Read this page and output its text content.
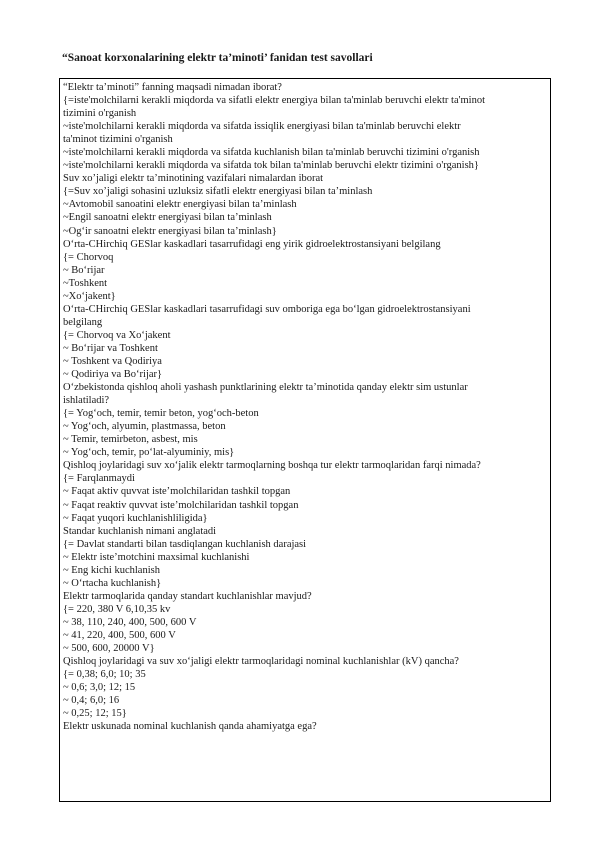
“Sanoat korxonalarining elektr ta’minoti’ fanidan test savollari
“Elektr ta’minoti” fanning maqsadi nimadan iborat?
{=iste'molchilarni kerakli miqdorda va sifatli elektr energiya bilan ta'minlab beruvchi elektr ta'minot
tizimini o'rganish
~iste'molchilarni kerakli miqdorda va sifatda issiqlik energiyasi bilan ta'minlab beruvchi elektr
ta'minot tizimini o'rganish
~iste'molchilarni kerakli miqdorda va sifatda kuchlanish bilan ta'minlab beruvchi tizimini o'rganish
~iste'molchilarni kerakli miqdorda va sifatda tok bilan ta'minlab beruvchi elektr tizimini o'rganish}
Suv xo’jaligi elektr ta’minotining vazifalari nimalardan iborat
{=Suv xo’jaligi sohasini uzluksiz sifatli elektr energiyasi bilan ta’minlash
~Avtomobil sanoatini elektr energiyasi bilan ta’minlash
~Engil sanoatni elektr energiyasi bilan ta’minlash
~Og‘ir sanoatni elektr energiyasi bilan ta’minlash}
O‘rta-CHirchiq GESlar kaskadlari tasarrufidagi eng yirik gidroelektrostansiyani belgilang
{= Chorvoq
~ Bo‘rijar
~Toshkent
~Xo‘jakent}
O‘rta-CHirchiq GESlar kaskadlari tasarrufidagi suv omboriga ega bo‘lgan gidroelektrostansiyani
belgilang
{= Chorvoq va Xo‘jakent
~ Bo‘rijar va Toshkent
~ Toshkent va Qodiriya
~ Qodiriya va Bo‘rijar}
O‘zbekistonda qishloq aholi yashash punktlarining elektr ta’minotida qanday elektr sim ustunlar
ishlatiladi?
{= Yog‘och, temir, temir beton, yog‘och-beton
~ Yog‘och, alyumin, plastmassa, beton
~ Temir, temirbeton, asbest, mis
~ Yog‘och, temir, po‘lat-alyuminiy, mis}
Qishloq joylaridagi suv xo‘jalik elektr tarmoqlarning boshqa tur elektr tarmoqlaridan farqi nimada?
{= Farqlanmaydi
~ Faqat aktiv quvvat iste’molchilaridan tashkil topgan
~ Faqat reaktiv quvvat iste’molchilaridan tashkil topgan
~ Faqat yuqori kuchlanishliligida}
Standar kuchlanish nimani anglatadi
{= Davlat standarti bilan tasdiqlangan kuchlanish darajasi
~ Elektr iste’motchini maxsimal kuchlanishi
~ Eng kichi kuchlanish
~ O‘rtacha kuchlanish}
Elektr tarmoqlarida qanday standart kuchlanishlar mavjud?
{= 220, 380 V 6,10,35 kv
~ 38, 110, 240, 400, 500, 600 V
~ 41, 220, 400, 500, 600 V
~ 500, 600, 20000 V}
Qishloq joylaridagi va suv xo‘jaligi elektr tarmoqlaridagi nominal kuchlanishlar (kV) qancha?
{= 0,38; 6,0; 10; 35
~ 0,6; 3,0; 12; 15
~ 0,4; 6,0; 16
~ 0,25; 12; 15}
Elektr uskunada nominal kuchlanish qanda ahamiyatga ega?
